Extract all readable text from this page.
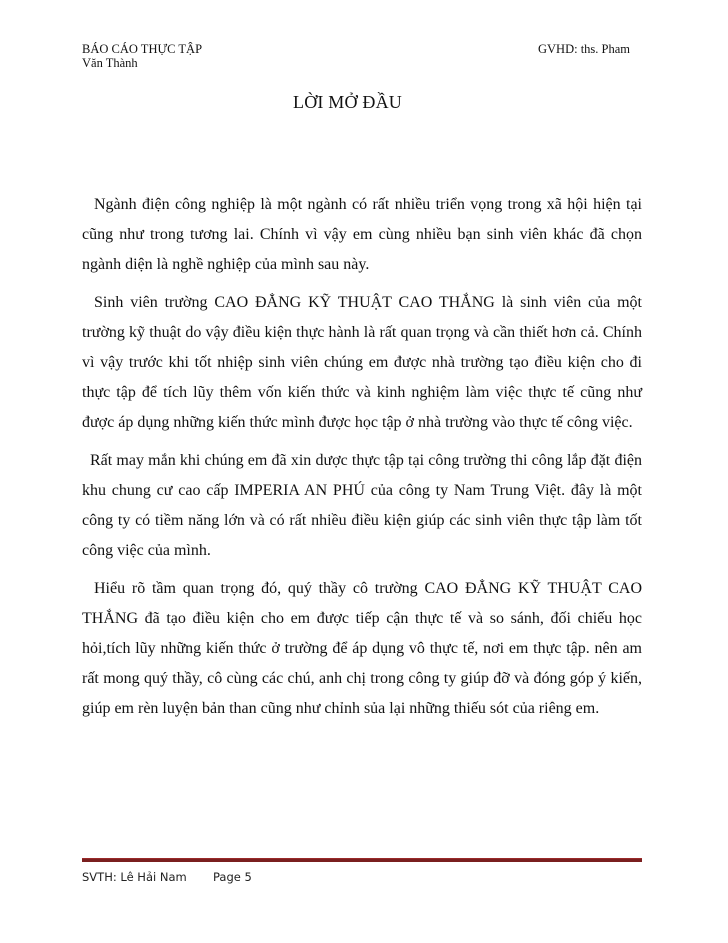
BÁO CÁO THỰC TẬP
Văn Thành
GVHD: ths. Pham
LỜI MỞ ĐẦU

Ngành điện công nghiệp là một ngành có rất nhiều triển vọng trong xã hội hiện tại cũng như trong tương lai. Chính vì vậy em cùng nhiều bạn sinh viên khác đã chọn ngành diện là nghề nghiệp của mình sau này.

Sinh viên trường CAO ĐẲNG KỸ THUẬT CAO THẮNG là sinh viên của một trường kỹ thuật do vậy điều kiện thực hành là rất quan trọng và cần thiết hơn cả. Chính vì vậy trước khi tốt nhiệp sinh viên chúng em được nhà trường tạo điều kiện cho đi thực tập để tích lũy thêm vốn kiến thức và kinh nghiệm làm việc thực tế cũng như được áp dụng những kiến thức mình được học tập ở nhà trường vào thực tế công việc.

Rất may mắn khi chúng em đã xin dược thực tập tại công trường thi công lắp đặt điện khu chung cư cao cấp IMPERIA AN PHÚ của công ty Nam Trung Việt. đây là một công ty có tiềm năng lớn và có rất nhiều điều kiện giúp các sinh viên thực tập làm tốt công việc của mình.

Hiểu rõ tầm quan trọng đó, quý thầy cô trường CAO ĐẲNG KỸ THUẬT CAO THẮNG đã tạo điều kiện cho em được tiếp cận thực tế và so sánh, đối chiếu học hỏi,tích lũy những kiến thức ở trường để áp dụng vô thực tế, nơi em thực tập. nên am rất mong quý thầy, cô cùng các chú, anh chị trong công ty giúp đỡ và đóng góp ý kiến, giúp em rèn luyện bản than cũng như chỉnh sủa lại những thiếu sót của riêng em.

SVTH: Lê Hải Nam Page 5
